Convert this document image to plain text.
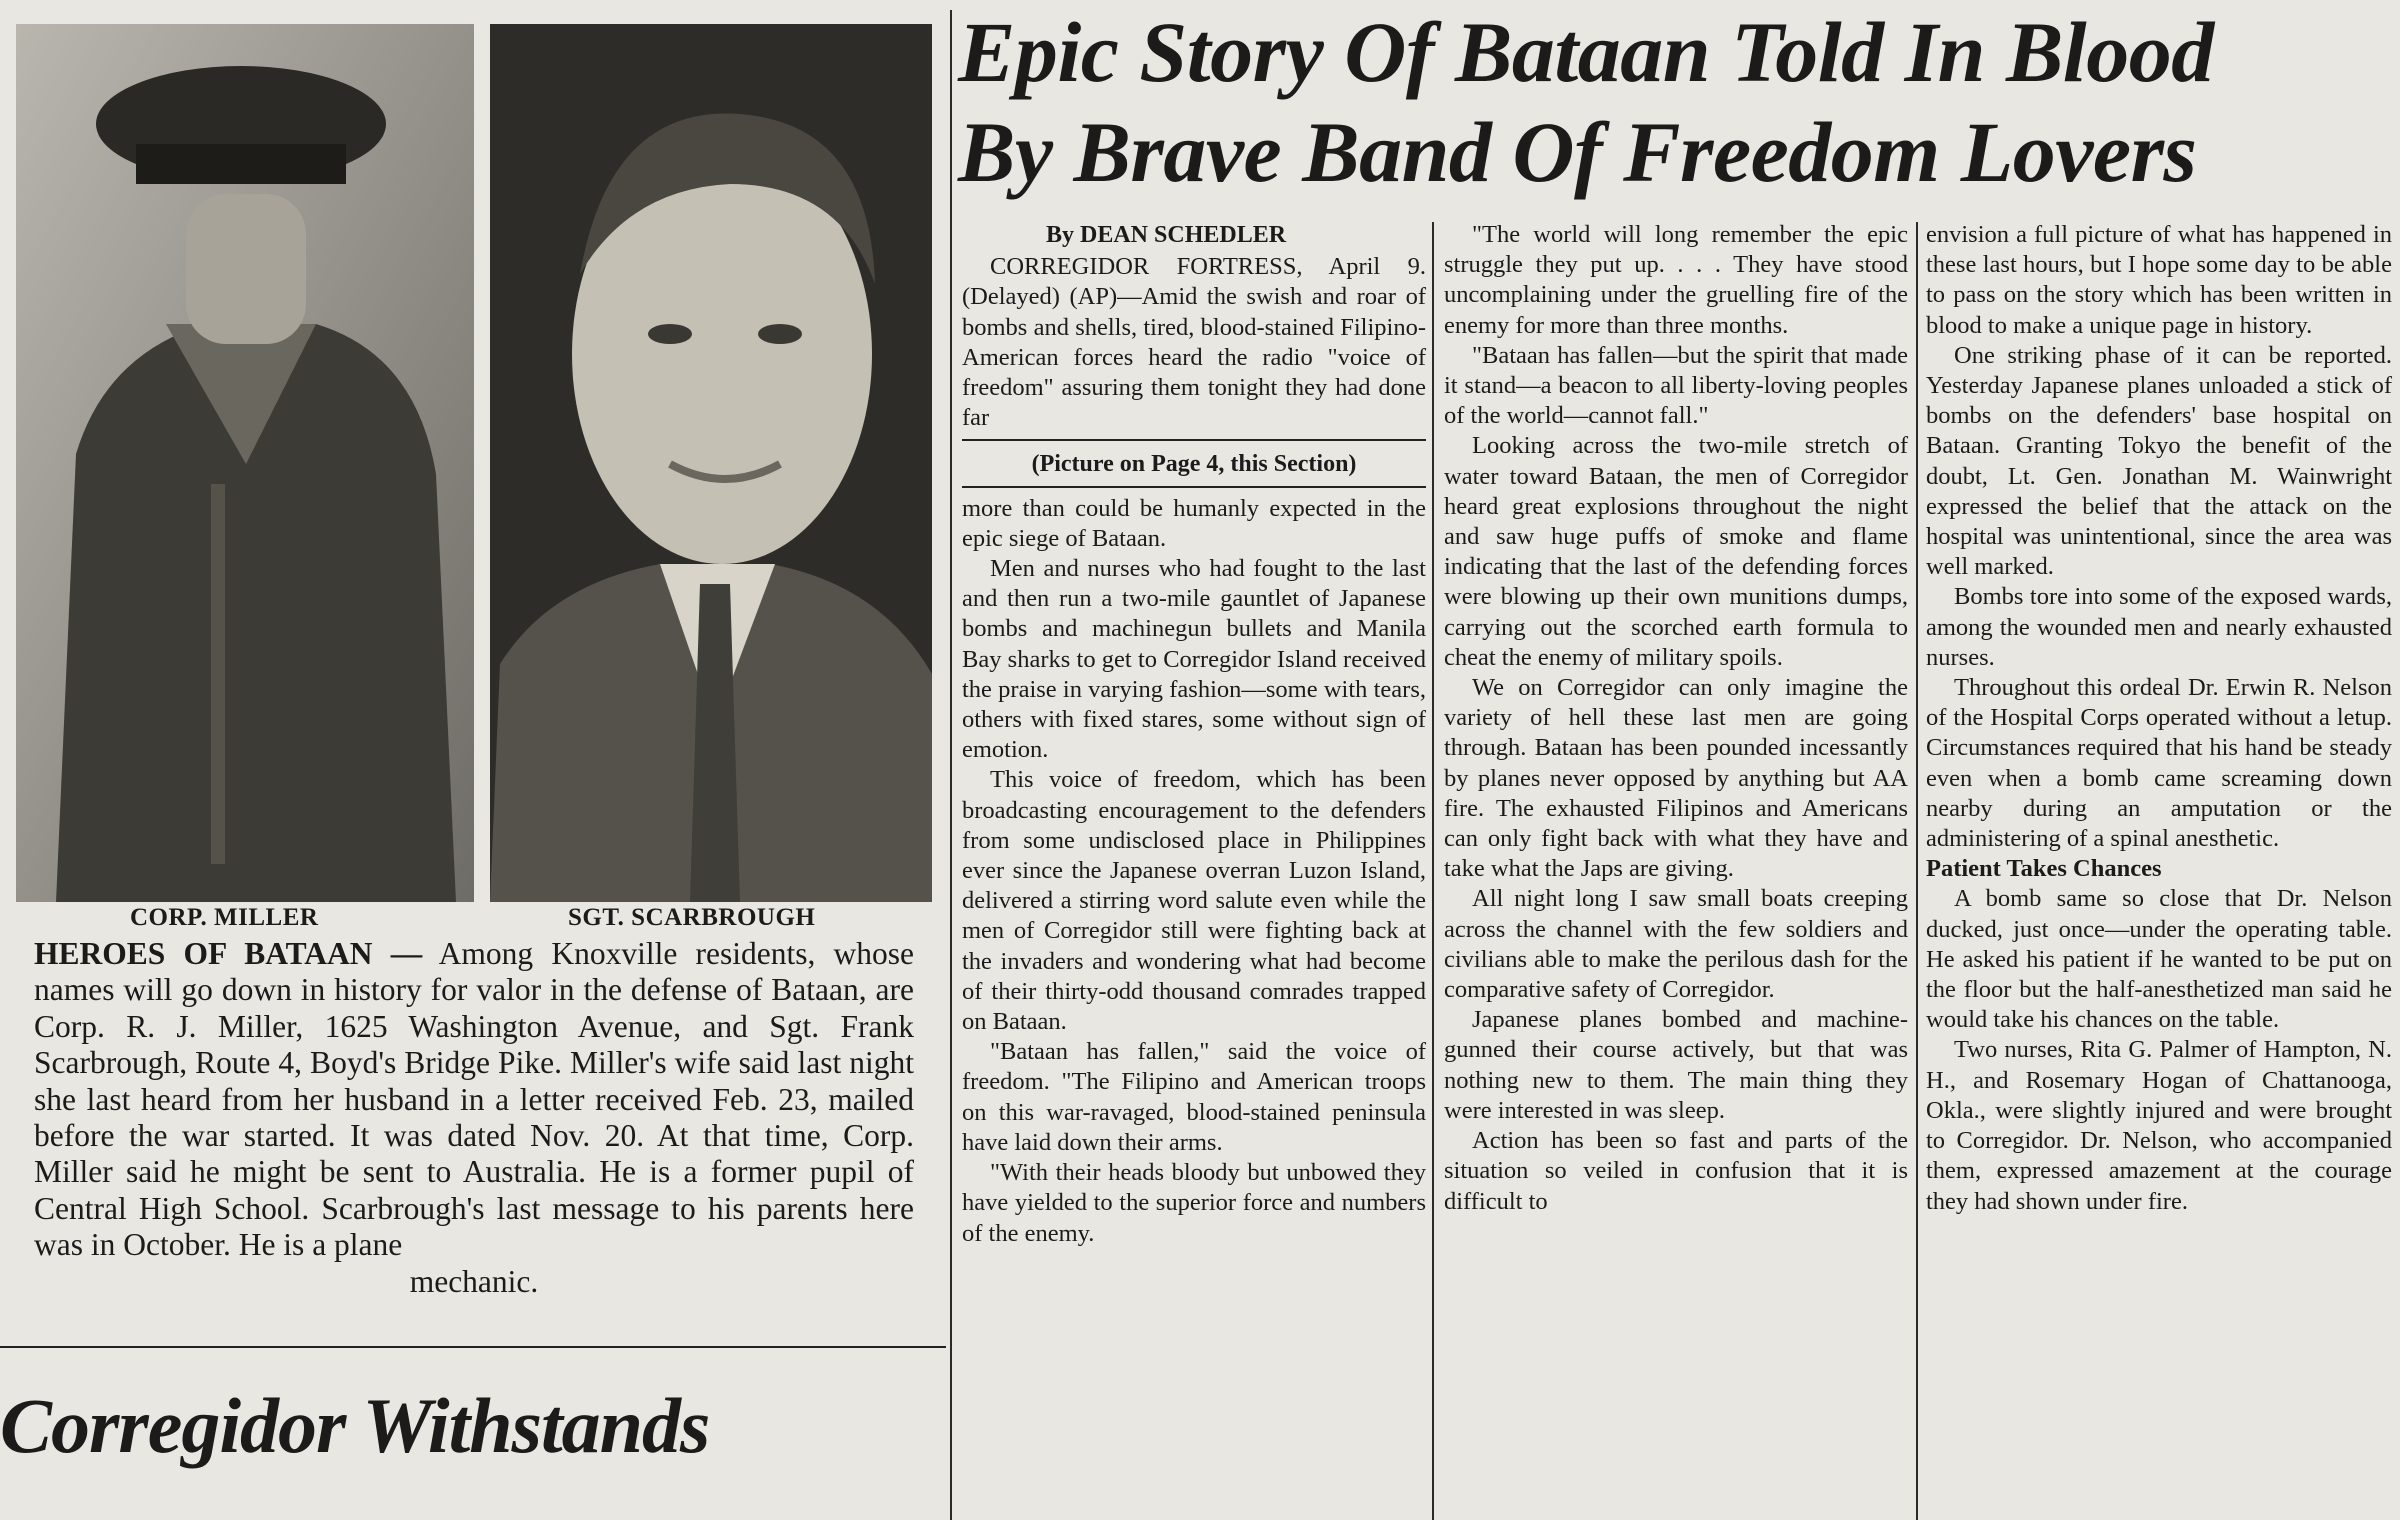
CORP. MILLER	SGT. SCARBROUGH

HEROES OF BATAAN — Among Knoxville residents, whose names will go down in history for valor in the defense of Bataan, are Corp. R. J. Miller, 1625 Washington Avenue, and Sgt. Frank Scarbrough, Route 4, Boyd's Bridge Pike. Miller's wife said last night she last heard from her husband in a letter received Feb. 23, mailed before the war started. It was dated Nov. 20. At that time, Corp. Miller said he might be sent to Australia. He is a former pupil of Central High School. Scarbrough's last message to his parents here was in October. He is a plane
mechanic.

Corregidor Withstands
Epic Story Of Bataan Told In Blood
By Brave Band Of Freedom Lovers
By DEAN SCHEDLER

CORREGIDOR FORTRESS, April 9. (Delayed) (AP)—Amid the swish and roar of bombs and shells, tired, blood-stained Filipino-American forces heard the radio "voice of freedom" assuring them tonight they had done far

(Picture on Page 4, this Section)

more than could be humanly expected in the epic siege of Bataan.

Men and nurses who had fought to the last and then run a two-mile gauntlet of Japanese bombs and machinegun bullets and Manila Bay sharks to get to Corregidor Island received the praise in varying fashion—some with tears, others with fixed stares, some without sign of emotion.

This voice of freedom, which has been broadcasting encouragement to the defenders from some undisclosed place in Philippines ever since the Japanese overran Luzon Island, delivered a stirring word salute even while the men of Corregidor still were fighting back at the invaders and wondering what had become of their thirty-odd thousand comrades trapped on Bataan.

"Bataan has fallen," said the voice of freedom. "The Filipino and American troops on this war-ravaged, blood-stained peninsula have laid down their arms.

"With their heads bloody but unbowed they have yielded to the superior force and numbers of the enemy.

"The world will long remember the epic struggle they put up. . . . They have stood uncomplaining under the gruelling fire of the enemy for more than three months.

"Bataan has fallen—but the spirit that made it stand—a beacon to all liberty-loving peoples of the world—cannot fall."

Looking across the two-mile stretch of water toward Bataan, the men of Corregidor heard great explosions throughout the night and saw huge puffs of smoke and flame indicating that the last of the defending forces were blowing up their own munitions dumps, carrying out the scorched earth formula to cheat the enemy of military spoils.

We on Corregidor can only imagine the variety of hell these last men are going through. Bataan has been pounded incessantly by planes never opposed by anything but AA fire. The exhausted Filipinos and Americans can only fight back with what they have and take what the Japs are giving.

All night long I saw small boats creeping across the channel with the few soldiers and civilians able to make the perilous dash for the comparative safety of Corregidor.

Japanese planes bombed and machine-gunned their course actively, but that was nothing new to them. The main thing they were interested in was sleep.

Action has been so fast and parts of the situation so veiled in confusion that it is difficult to

envision a full picture of what has happened in these last hours, but I hope some day to be able to pass on the story which has been written in blood to make a unique page in history.

One striking phase of it can be reported. Yesterday Japanese planes unloaded a stick of bombs on the defenders' base hospital on Bataan. Granting Tokyo the benefit of the doubt, Lt. Gen. Jonathan M. Wainwright expressed the belief that the attack on the hospital was unintentional, since the area was well marked.

Bombs tore into some of the exposed wards, among the wounded men and nearly exhausted nurses.

Throughout this ordeal Dr. Erwin R. Nelson of the Hospital Corps operated without a letup. Circumstances required that his hand be steady even when a bomb came screaming down nearby during an amputation or the administering of a spinal anesthetic.

Patient Takes Chances

A bomb same so close that Dr. Nelson ducked, just once—under the operating table. He asked his patient if he wanted to be put on the floor but the half-anesthetized man said he would take his chances on the table.

Two nurses, Rita G. Palmer of Hampton, N. H., and Rosemary Hogan of Chattanooga, Okla., were slightly injured and were brought to Corregidor. Dr. Nelson, who accompanied them, expressed amazement at the courage they had shown under fire.
